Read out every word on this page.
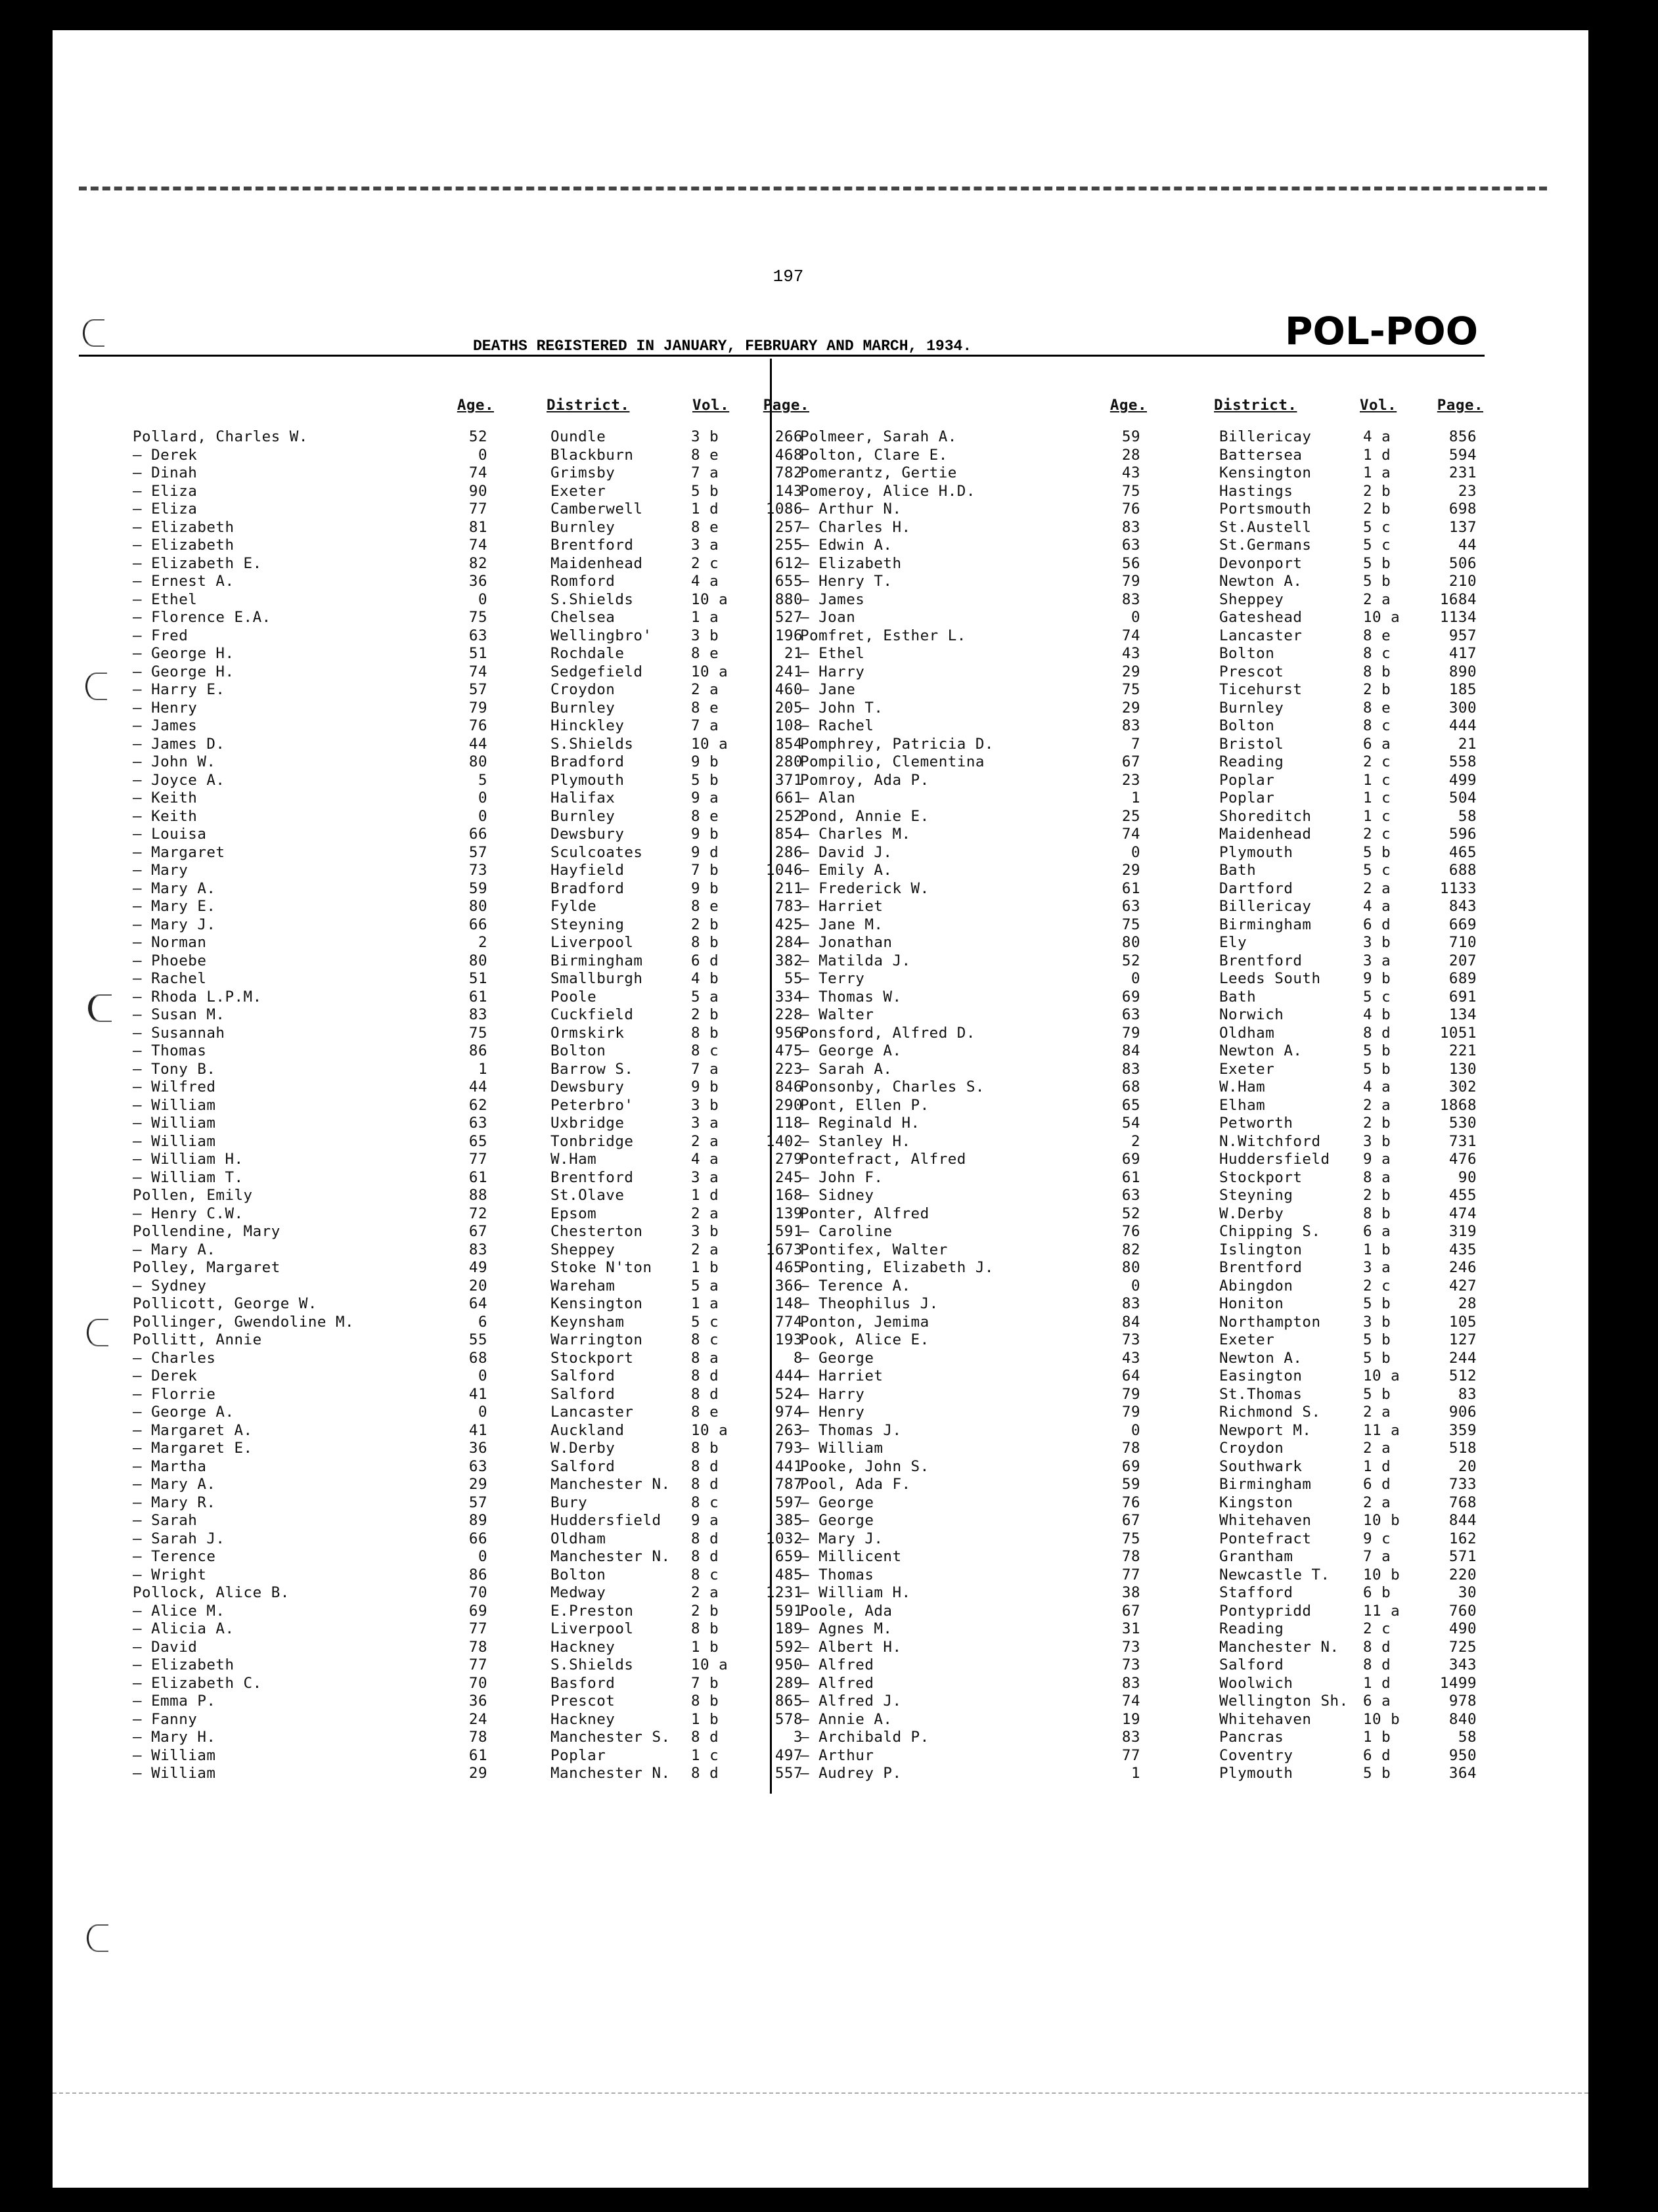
197
DEATHS REGISTERED IN JANUARY, FEBRUARY AND MARCH, 1934.	POL-POO
Age.	District.	Vol.	Page.
Pollard, Charles W.	52	Oundle	3 b	266
— Derek	0	Blackburn	8 e	468
— Dinah	74	Grimsby	7 a	782
— Eliza	90	Exeter	5 b	143
— Eliza	77	Camberwell	1 d	1086
— Elizabeth	81	Burnley	8 e	257
— Elizabeth	74	Brentford	3 a	255
— Elizabeth E.	82	Maidenhead	2 c	612
— Ernest A.	36	Romford	4 a	655
— Ethel	0	S.Shields	10 a	880
— Florence E.A.	75	Chelsea	1 a	527
— Fred	63	Wellingbro'	3 b	196
— George H.	51	Rochdale	8 e	21
— George H.	74	Sedgefield	10 a	241
— Harry E.	57	Croydon	2 a	460
— Henry	79	Burnley	8 e	205
— James	76	Hinckley	7 a	108
— James D.	44	S.Shields	10 a	854
— John W.	80	Bradford	9 b	280
— Joyce A.	5	Plymouth	5 b	371
— Keith	0	Halifax	9 a	661
— Keith	0	Burnley	8 e	252
— Louisa	66	Dewsbury	9 b	854
— Margaret	57	Sculcoates	9 d	286
— Mary	73	Hayfield	7 b	1046
— Mary A.	59	Bradford	9 b	211
— Mary E.	80	Fylde	8 e	783
— Mary J.	66	Steyning	2 b	425
— Norman	2	Liverpool	8 b	284
— Phoebe	80	Birmingham	6 d	382
— Rachel	51	Smallburgh	4 b	55
— Rhoda L.P.M.	61	Poole	5 a	334
— Susan M.	83	Cuckfield	2 b	228
— Susannah	75	Ormskirk	8 b	956
— Thomas	86	Bolton	8 c	475
— Tony B.	1	Barrow S.	7 a	223
— Wilfred	44	Dewsbury	9 b	846
— William	62	Peterbro'	3 b	290
— William	63	Uxbridge	3 a	118
— William	65	Tonbridge	2 a	1402
— William H.	77	W.Ham	4 a	279
— William T.	61	Brentford	3 a	245
Pollen, Emily	88	St.Olave	1 d	168
— Henry C.W.	72	Epsom	2 a	139
Pollendine, Mary	67	Chesterton	3 b	591
— Mary A.	83	Sheppey	2 a	1673
Polley, Margaret	49	Stoke N'ton	1 b	465
— Sydney	20	Wareham	5 a	366
Pollicott, George W.	64	Kensington	1 a	148
Pollinger, Gwendoline M.	6	Keynsham	5 c	774
Pollitt, Annie	55	Warrington	8 c	193
— Charles	68	Stockport	8 a	8
— Derek	0	Salford	8 d	444
— Florrie	41	Salford	8 d	524
— George A.	0	Lancaster	8 e	974
— Margaret A.	41	Auckland	10 a	263
— Margaret E.	36	W.Derby	8 b	793
— Martha	63	Salford	8 d	441
— Mary A.	29	Manchester N. 8 d	787
— Mary R.	57	Bury	8 c	597
— Sarah	89	Huddersfield 9 a	385
— Sarah J.	66	Oldham	8 d	1032
— Terence	0	Manchester N. 8 d	659
— Wright	86	Bolton	8 c	485
Pollock, Alice B.	70	Medway	2 a	1231
— Alice M.	69	E.Preston	2 b	591
— Alicia A.	77	Liverpool	8 b	189
— David	78	Hackney	1 b	592
— Elizabeth	77	S.Shields	10 a	950
— Elizabeth C.	70	Basford	7 b	289
— Emma P.	36	Prescot	8 b	865
— Fanny	24	Hackney	1 b	578
— Mary H.	78	Manchester S. 8 d	3
— William	61	Poplar	1 c	497
— William	29	Manchester N. 8 d	557
Age.	District.	Vol.	Page.
Polmeer, Sarah A.	59	Billericay	4 a	856
Polton, Clare E.	28	Battersea	1 d	594
Pomerantz, Gertie	43	Kensington	1 a	231
Pomeroy, Alice H.D.	75	Hastings	2 b	23
— Arthur N.	76	Portsmouth	2 b	698
— Charles H.	83	St.Austell	5 c	137
— Edwin A.	63	St.Germans	5 c	44
— Elizabeth	56	Devonport	5 b	506
— Henry T.	79	Newton A.	5 b	210
— James	83	Sheppey	2 a	1684
— Joan	0	Gateshead	10 a	1134
Pomfret, Esther L.	74	Lancaster	8 e	957
— Ethel	43	Bolton	8 c	417
— Harry	29	Prescot	8 b	890
— Jane	75	Ticehurst	2 b	185
— John T.	29	Burnley	8 e	300
— Rachel	83	Bolton	8 c	444
Pomphrey, Patricia D.	7	Bristol	6 a	21
Pompilio, Clementina	67	Reading	2 c	558
Pomroy, Ada P.	23	Poplar	1 c	499
— Alan	1	Poplar	1 c	504
Pond, Annie E.	25	Shoreditch	1 c	58
— Charles M.	74	Maidenhead	2 c	596
— David J.	0	Plymouth	5 b	465
— Emily A.	29	Bath	5 c	688
— Frederick W.	61	Dartford	2 a	1133
— Harriet	63	Billericay	4 a	843
— Jane M.	75	Birmingham	6 d	669
— Jonathan	80	Ely	3 b	710
— Matilda J.	52	Brentford	3 a	207
— Terry	0	Leeds South	9 b	689
— Thomas W.	69	Bath	5 c	691
— Walter	63	Norwich	4 b	134
Ponsford, Alfred D.	79	Oldham	8 d	1051
— George A.	84	Newton A.	5 b	221
— Sarah A.	83	Exeter	5 b	130
Ponsonby, Charles S.	68	W.Ham	4 a	302
Pont, Ellen P.	65	Elham	2 a	1868
— Reginald H.	54	Petworth	2 b	530
— Stanley H.	2	N.Witchford	3 b	731
Pontefract, Alfred	69	Huddersfield 9 a	476
— John F.	61	Stockport	8 a	90
— Sidney	63	Steyning	2 b	455
Ponter, Alfred	52	W.Derby	8 b	474
— Caroline	76	Chipping S.	6 a	319
Pontifex, Walter	82	Islington	1 b	435
Ponting, Elizabeth J.	80	Brentford	3 a	246
— Terence A.	0	Abingdon	2 c	427
— Theophilus J.	83	Honiton	5 b	28
Ponton, Jemima	84	Northampton	3 b	105
Pook, Alice E.	73	Exeter	5 b	127
— George	43	Newton A.	5 b	244
— Harriet	64	Easington	10 a	512
— Harry	79	St.Thomas	5 b	83
— Henry	79	Richmond S.	2 a	906
— Thomas J.	0	Newport M.	11 a	359
— William	78	Croydon	2 a	518
Pooke, John S.	69	Southwark	1 d	20
Pool, Ada F.	59	Birmingham	6 d	733
— George	76	Kingston	2 a	768
— George	67	Whitehaven	10 b	844
— Mary J.	75	Pontefract	9 c	162
— Millicent	78	Grantham	7 a	571
— Thomas	77	Newcastle T. 10 b	220
— William H.	38	Stafford	6 b	30
Poole, Ada	67	Pontypridd	11 a	760
— Agnes M.	31	Reading	2 c	490
— Albert H.	73	Manchester N. 8 d	725
— Alfred	73	Salford	8 d	343
— Alfred	83	Woolwich	1 d	1499
— Alfred J.	74	Wellington Sh. 6 a	978
— Annie A.	19	Whitehaven	10 b	840
— Archibald P.	83	Pancras	1 b	58
— Arthur	77	Coventry	6 d	950
— Audrey P.	1	Plymouth	5 b	364
